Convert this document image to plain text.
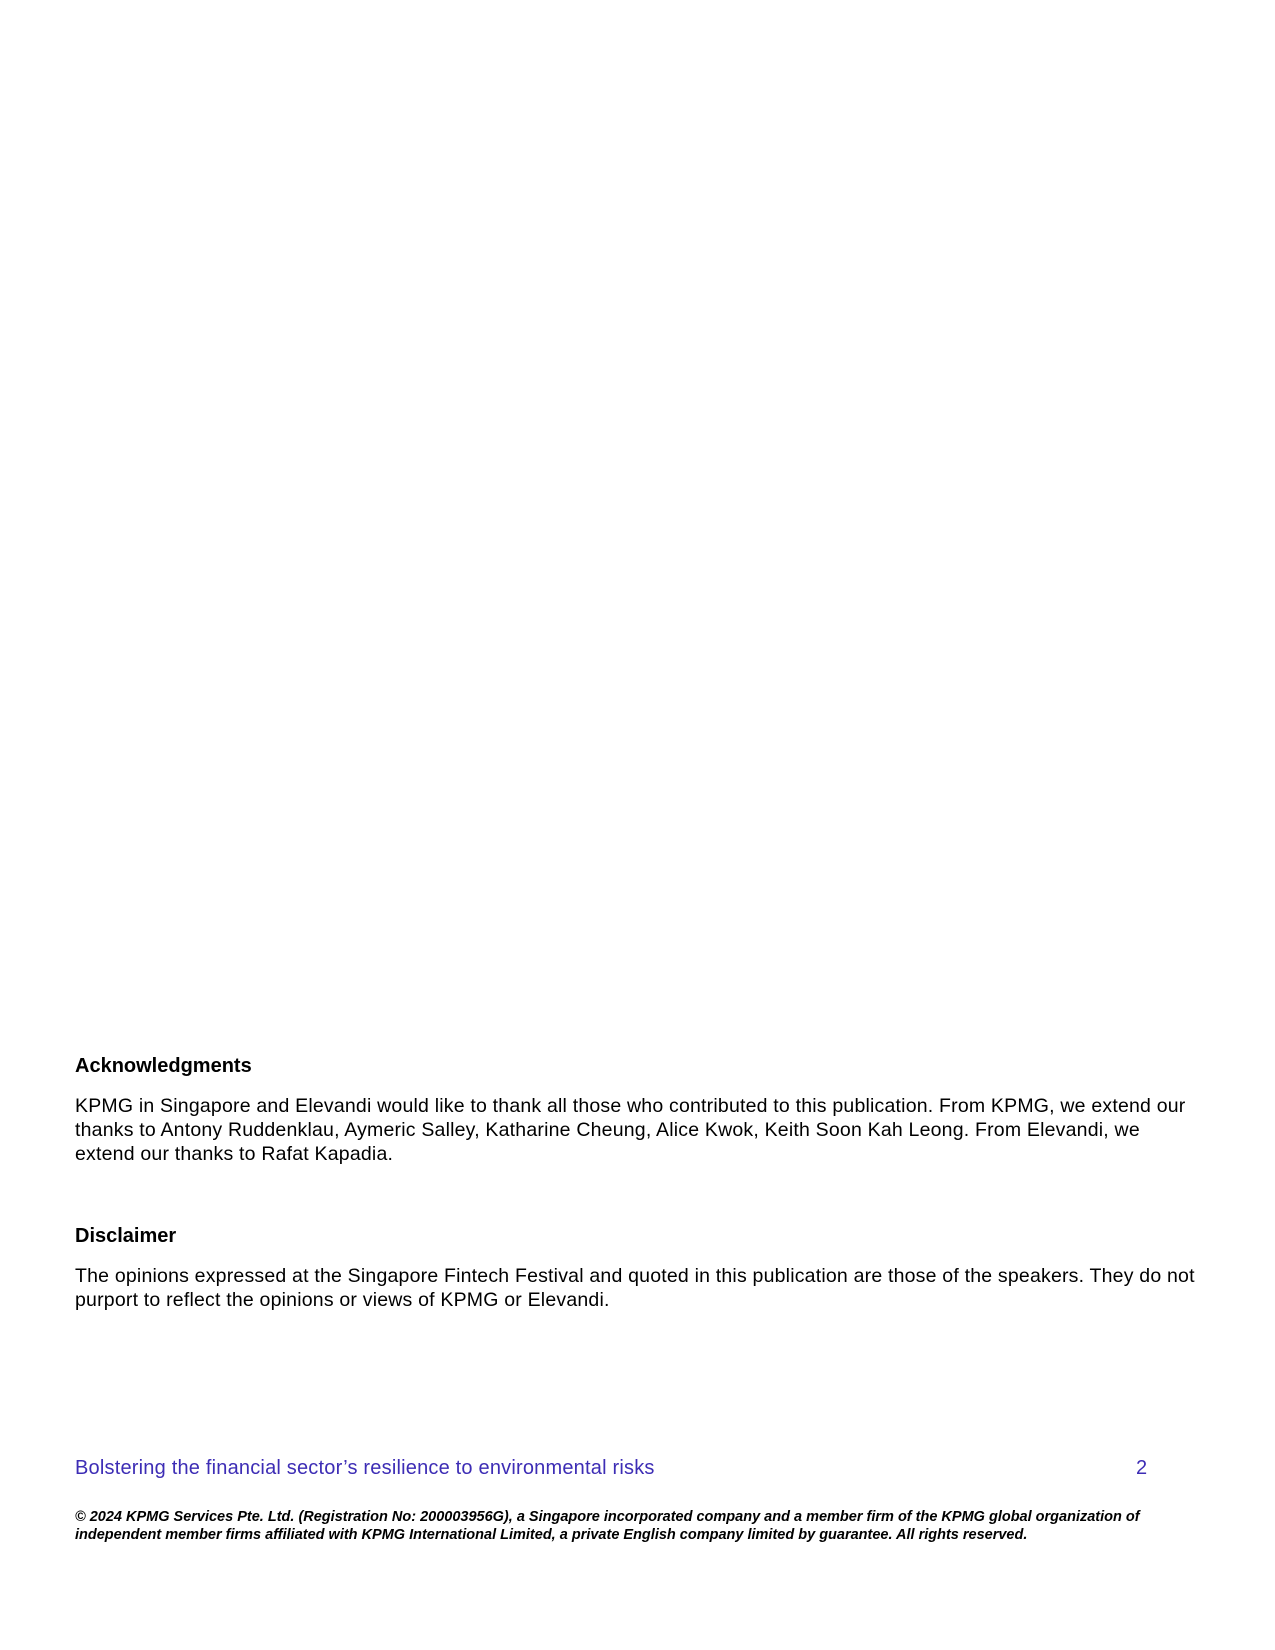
Acknowledgments

KPMG in Singapore and Elevandi would like to thank all those who contributed to this publication. From KPMG, we extend our thanks to Antony Ruddenklau, Aymeric Salley, Katharine Cheung, Alice Kwok, Keith Soon Kah Leong. From Elevandi, we extend our thanks to Rafat Kapadia.

Disclaimer

The opinions expressed at the Singapore Fintech Festival and quoted in this publication are those of the speakers. They do not purport to reflect the opinions or views of KPMG or Elevandi.

Bolstering the financial sector’s resilience to environmental risks	2

© 2024 KPMG Services Pte. Ltd. (Registration No: 200003956G), a Singapore incorporated company and a member firm of the KPMG global organization of independent member firms affiliated with KPMG International Limited, a private English company limited by guarantee. All rights reserved.
